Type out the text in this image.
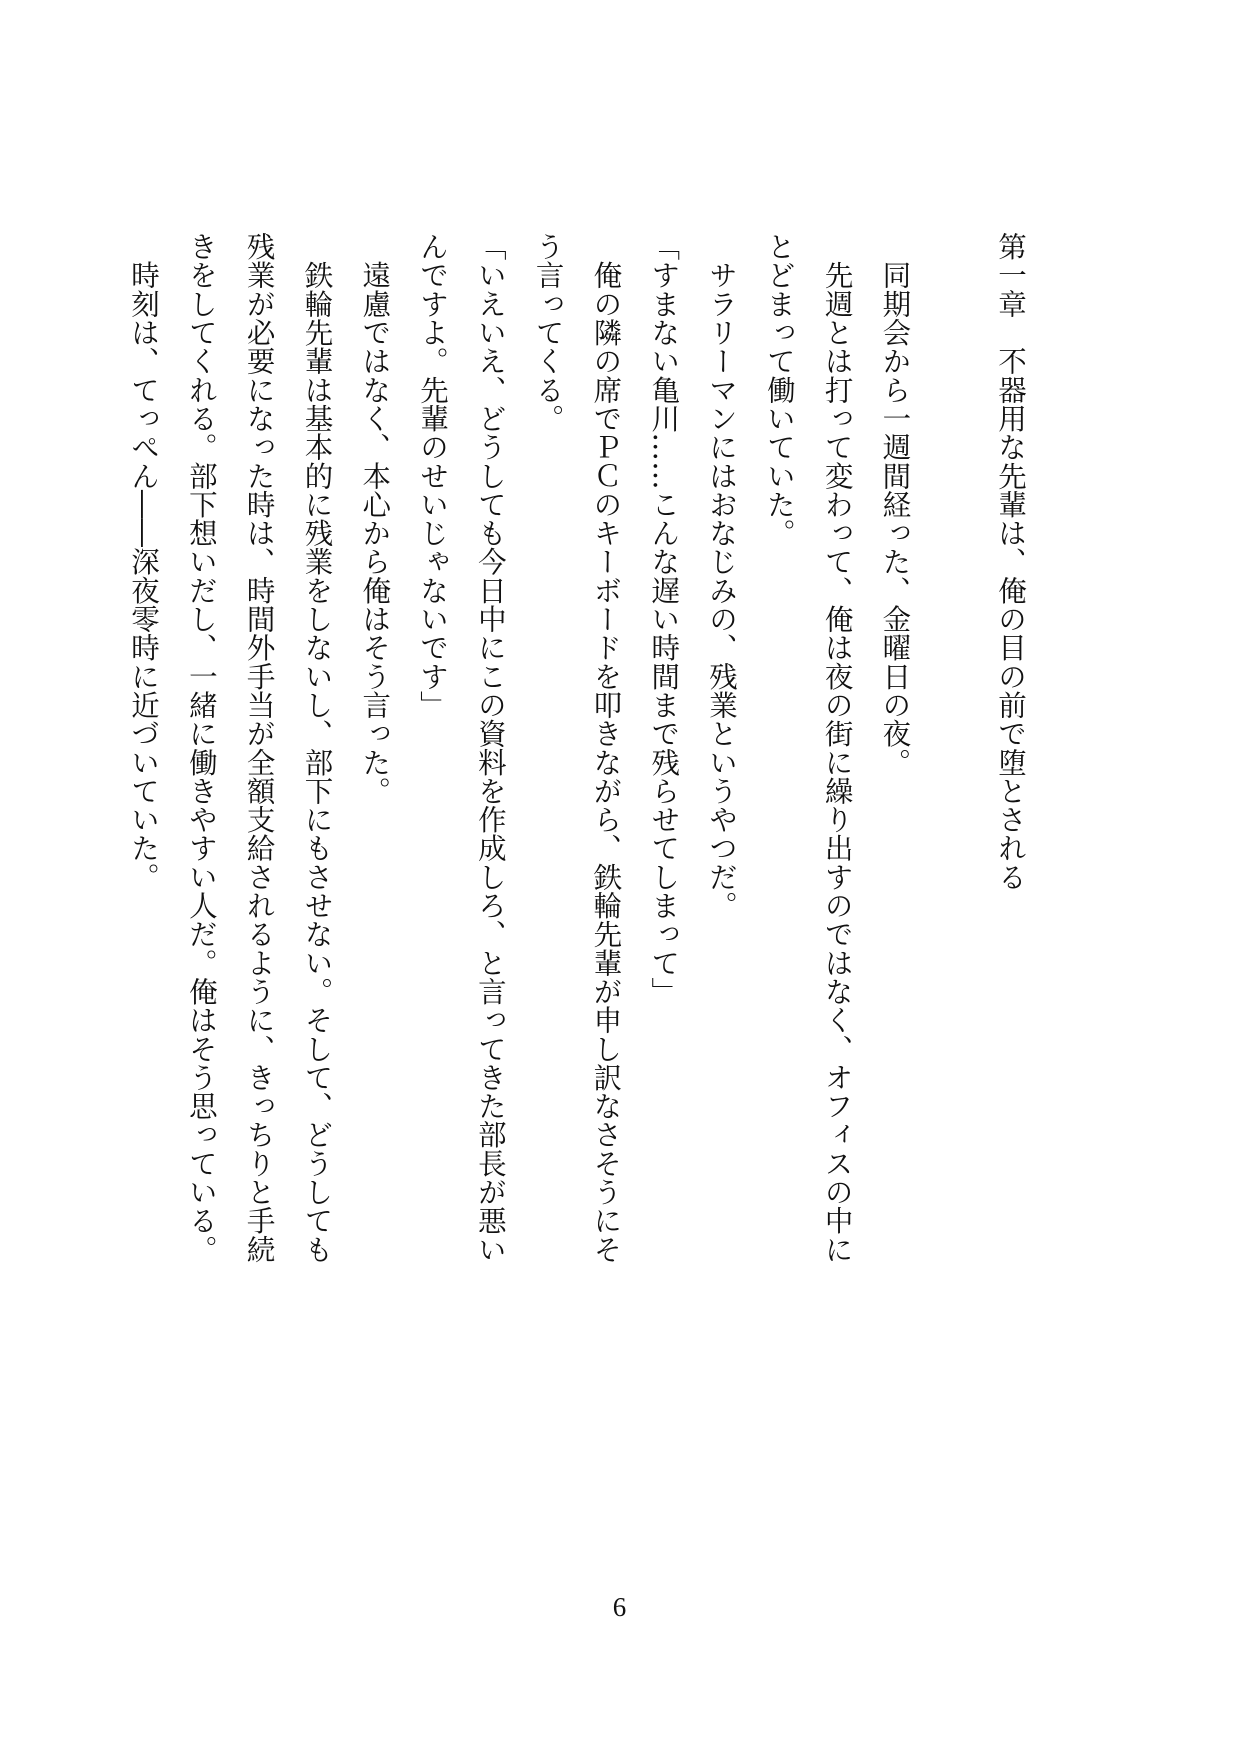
第一章　不器用な先輩は、俺の目の前で堕とされる
　同期会から一週間経った、金曜日の夜。
　先週とは打って変わって、俺は夜の街に繰り出すのではなく、オフィスの中に
とどまって働いていた。
　サラリーマンにはおなじみの、残業というやつだ。
「すまない亀川……こんな遅い時間まで残らせてしまって」
　俺の隣の席でＰＣのキーボードを叩きながら、鉄輪先輩が申し訳なさそうにそ
う言ってくる。
「いえいえ、どうしても今日中にこの資料を作成しろ、と言ってきた部長が悪い
んですよ。先輩のせいじゃないです」
　遠慮ではなく、本心から俺はそう言った。
　鉄輪先輩は基本的に残業をしないし、部下にもさせない。そして、どうしても
残業が必要になった時は、時間外手当が全額支給されるように、きっちりと手続
きをしてくれる。部下想いだし、一緒に働きやすい人だ。俺はそう思っている。
　時刻は、てっぺん――深夜零時に近づいていた。
6
